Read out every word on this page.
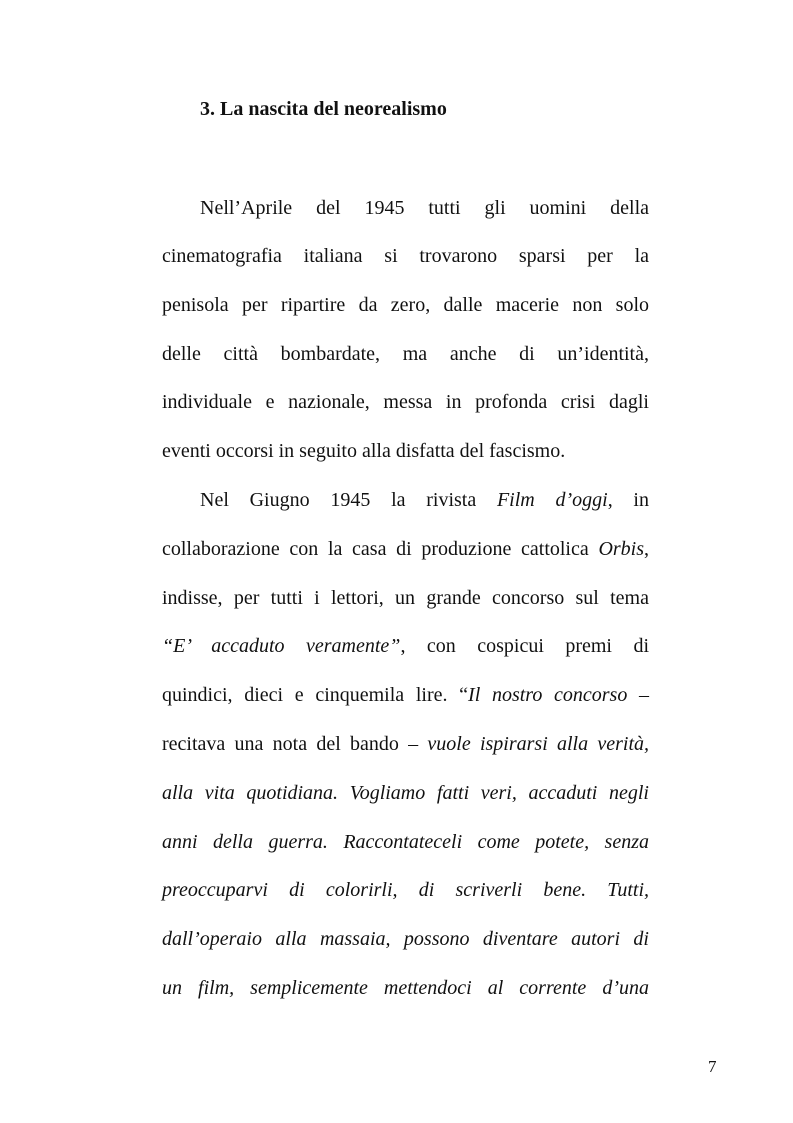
3. La nascita del neorealismo
Nell’Aprile del 1945 tutti gli uomini della
cinematografia italiana si trovarono sparsi per la
penisola per ripartire da zero, dalle macerie non solo
delle città bombardate, ma anche di un’identità,
individuale e nazionale, messa in profonda crisi dagli
eventi occorsi in seguito alla disfatta del fascismo.
Nel Giugno 1945 la rivista Film d’oggi, in
collaborazione con la casa di produzione cattolica Orbis,
indisse, per tutti i lettori, un grande concorso sul tema
“E’ accaduto veramente”, con cospicui premi di
quindici, dieci e cinquemila lire. “Il nostro concorso –
recitava una nota del bando – vuole ispirarsi alla verità,
alla vita quotidiana. Vogliamo fatti veri, accaduti negli
anni della guerra. Raccontateceli come potete, senza
preoccuparvi di colorirli, di scriverli bene. Tutti,
dall’operaio alla massaia, possono diventare autori di
un film, semplicemente mettendoci al corrente d’una
7
